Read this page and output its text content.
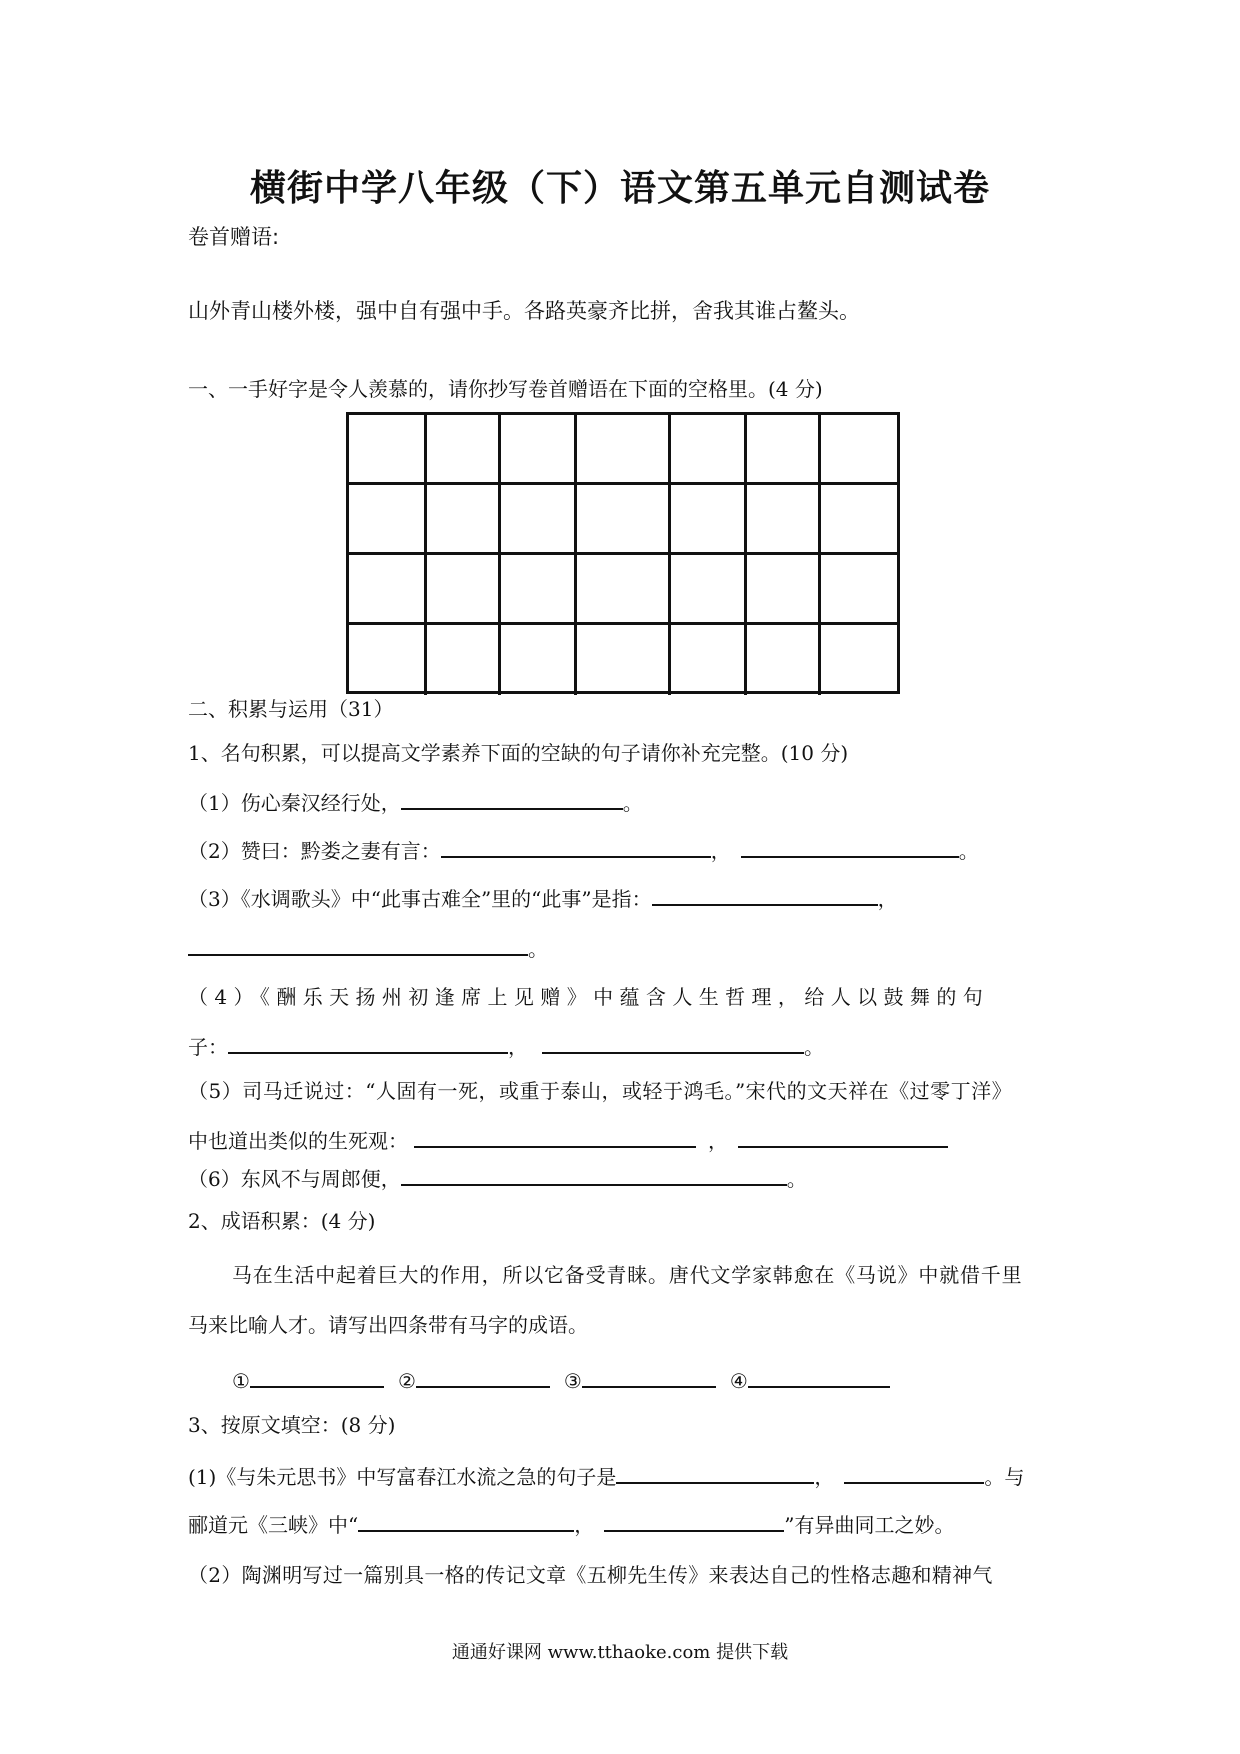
横街中学八年级（下）语文第五单元自测试卷
卷首赠语:
山外青山楼外楼，强中自有强中手。各路英豪齐比拼，舍我其谁占鳌头。
一、一手好字是令人羡慕的，请你抄写卷首赠语在下面的空格里。(4 分)
二、积累与运用（31）
1、名句积累，可以提高文学素养下面的空缺的句子请你补充完整。(10 分)
（1）伤心秦汉经行处，	。
（2）赞曰：黔娄之妻有言：	，	。
（3）《水调歌头》中“此事古难全”里的“此事”是指：	，
。
（4）《酬乐天扬州初逢席上见赠》中蕴含人生哲理，给人以鼓舞的句
子：	，	。
（5）司马迁说过：“人固有一死，或重于泰山，或轻于鸿毛。”宋代的文天祥在《过零丁洋》
中也道出类似的生死观：	，
（6）东风不与周郎便，	。
2、成语积累：(4 分)
马在生活中起着巨大的作用，所以它备受青睐。唐代文学家韩愈在《马说》中就借千里
马来比喻人才。请写出四条带有马字的成语。
①	②	③	④
3、按原文填空：(8 分)
(1)《与朱元思书》中写富春江水流之急的句子是	，	。与
郦道元《三峡》中“	，	”有异曲同工之妙。
（2）陶渊明写过一篇别具一格的传记文章《五柳先生传》来表达自己的性格志趣和精神气
通通好课网 www.tthaoke.com 提供下载
